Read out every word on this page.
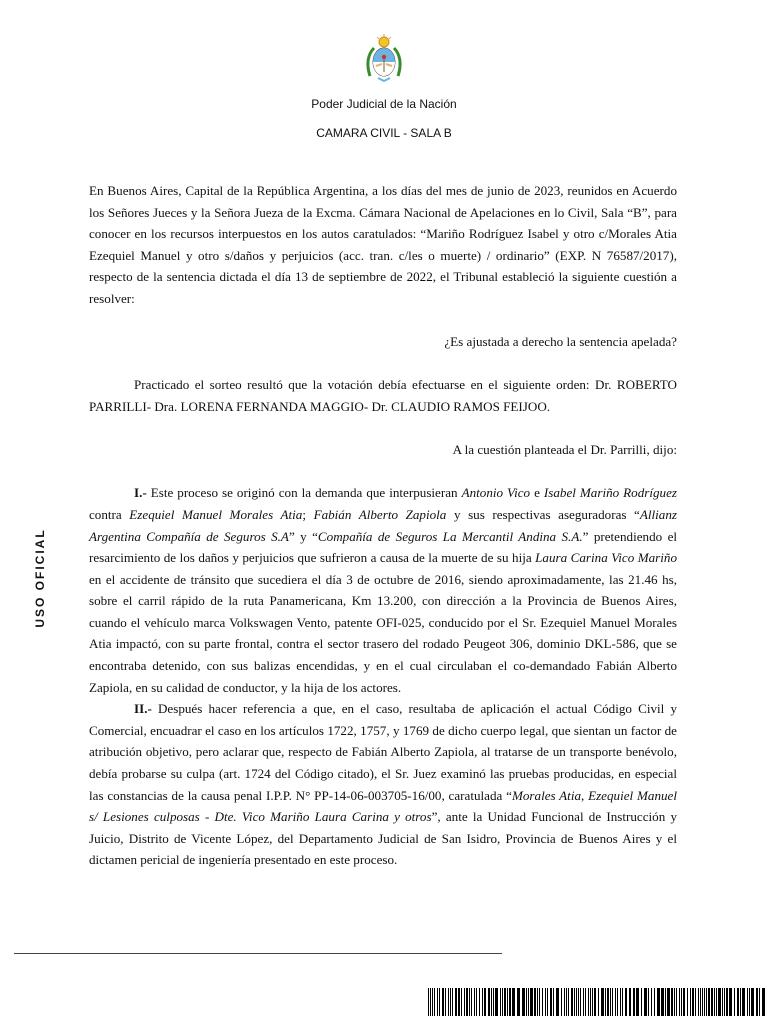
Poder Judicial de la Nación
CAMARA CIVIL - SALA B
USO OFICIAL

En Buenos Aires, Capital de la República Argentina, a los días del mes de junio de 2023, reunidos en Acuerdo los Señores Jueces y la Señora Jueza de la Excma. Cámara Nacional de Apelaciones en lo Civil, Sala “B”, para conocer en los recursos interpuestos en los autos caratulados: “Mariño Rodríguez Isabel y otro c/Morales Atia Ezequiel Manuel y otro s/daños y perjuicios (acc. tran. c/les o muerte) / ordinario” (EXP. N 76587/2017), respecto de la sentencia dictada el día 13 de septiembre de 2022, el Tribunal estableció la siguiente cuestión a resolver:

¿Es ajustada a derecho la sentencia apelada?

Practicado el sorteo resultó que la votación debía efectuarse en el siguiente orden: Dr. ROBERTO PARRILLI- Dra. LORENA FERNANDA MAGGIO- Dr. CLAUDIO RAMOS FEIJOO.

A la cuestión planteada el Dr. Parrilli, dijo:

I.- Este proceso se originó con la demanda que interpusieran Antonio Vico e Isabel Mariño Rodríguez contra Ezequiel Manuel Morales Atia; Fabián Alberto Zapiola y sus respectivas aseguradoras “Allianz Argentina Compañía de Seguros S.A” y “Compañía de Seguros La Mercantil Andina S.A.” pretendiendo el resarcimiento de los daños y perjuicios que sufrieron a causa de la muerte de su hija Laura Carina Vico Mariño en el accidente de tránsito que sucediera el día 3 de octubre de 2016, siendo aproximadamente, las 21.46 hs, sobre el carril rápido de la ruta Panamericana, Km 13.200, con dirección a la Provincia de Buenos Aires, cuando el vehículo marca Volkswagen Vento, patente OFI-025, conducido por el Sr. Ezequiel Manuel Morales Atia impactó, con su parte frontal, contra el sector trasero del rodado Peugeot 306, dominio DKL-586, que se encontraba detenido, con sus balizas encendidas, y en el cual circulaban el co-demandado Fabián Alberto Zapiola, en su calidad de conductor, y la hija de los actores.

II.- Después hacer referencia a que, en el caso, resultaba de aplicación el actual Código Civil y Comercial, encuadrar el caso en los artículos 1722, 1757, y 1769 de dicho cuerpo legal, que sientan un factor de atribución objetivo, pero aclarar que, respecto de Fabián Alberto Zapiola, al tratarse de un transporte benévolo, debía probarse su culpa (art. 1724 del Código citado), el Sr. Juez examinó las pruebas producidas, en especial las constancias de la causa penal I.P.P. N° PP-14-06-003705-16/00, caratulada “Morales Atia, Ezequiel Manuel s/ Lesiones culposas - Dte. Vico Mariño Laura Carina y otros”, ante la Unidad Funcional de Instrucción y Juicio, Distrito de Vicente López, del Departamento Judicial de San Isidro, Provincia de Buenos Aires y el dictamen pericial de ingeniería presentado en este proceso.
